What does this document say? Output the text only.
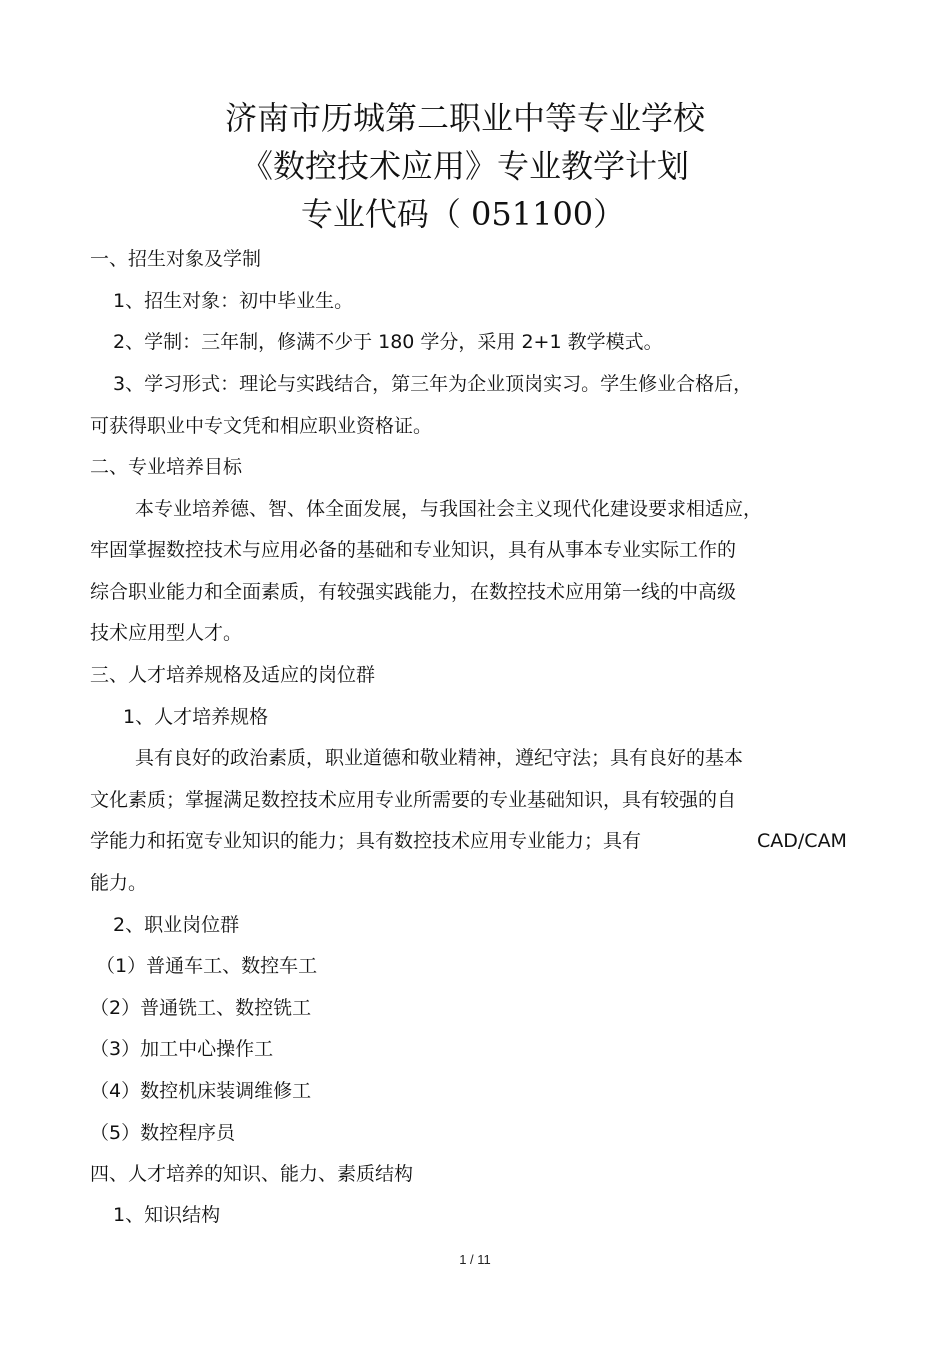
济南市历城第二职业中等专业学校
《数控技术应用》专业教学计划
专业代码（ 051100）
一、招生对象及学制
1、招生对象：初中毕业生。
2、学制：三年制，修满不少于 180 学分，采用 2+1 教学模式。
3、学习形式：理论与实践结合，第三年为企业顶岗实习。学生修业合格后，
可获得职业中专文凭和相应职业资格证。
二、专业培养目标
本专业培养德、智、体全面发展，与我国社会主义现代化建设要求相适应，
牢固掌握数控技术与应用必备的基础和专业知识，具有从事本专业实际工作的
综合职业能力和全面素质，有较强实践能力，在数控技术应用第一线的中高级
技术应用型人才。
三、人才培养规格及适应的岗位群
1、人才培养规格
具有良好的政治素质，职业道德和敬业精神，遵纪守法；具有良好的基本
文化素质；掌握满足数控技术应用专业所需要的专业基础知识，具有较强的自
学能力和拓宽专业知识的能力；具有数控技术应用专业能力；具有	CAD/CAM
能力。
2、职业岗位群
（1）普通车工、数控车工
（2）普通铣工、数控铣工
（3）加工中心操作工
（4）数控机床装调维修工
（5）数控程序员
四、人才培养的知识、能力、素质结构
1、知识结构
1 / 11
